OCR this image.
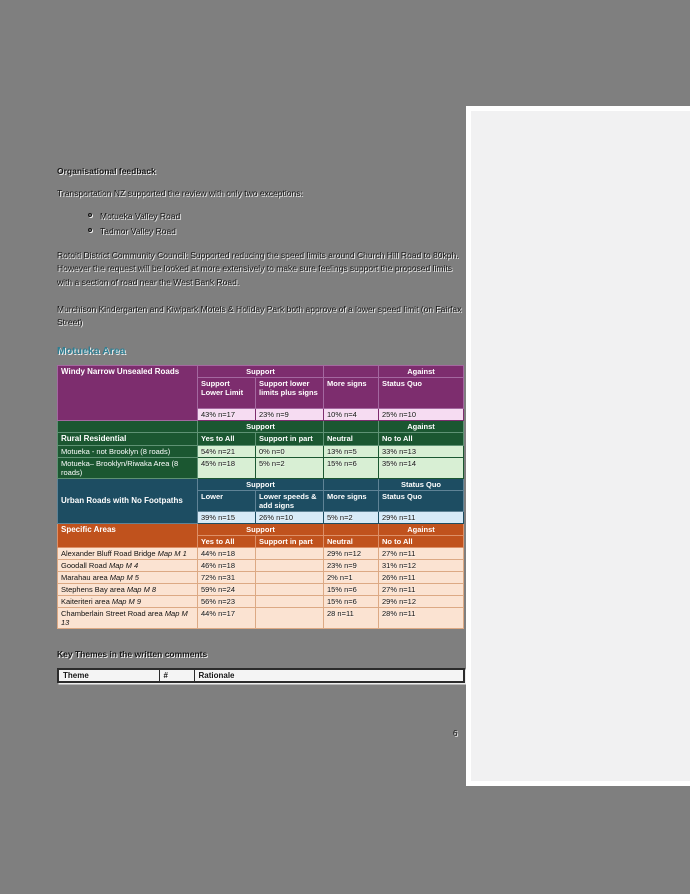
Organisational feedback
Transportation NZ supported the review with only two exceptions:
Motueka Valley Road
Tadmor Valley Road
Rotoiti District Community Council: Supported reducing the speed limits around Church Hill Road to 80kph. However the request will be looked at more extensively to make sure feelings support the proposed limits with a section of road near the West Bank Road.
Murchison Kindergarten and Kiwipark Motels & Holiday Park both approve of a lower speed limit (on Fairfax Street)
Motueka Area
Windy Narrow Unsealed Roads	Support			Against
	Support Lower Limit	Support lower limits plus signs	More signs	Status Quo
	43% n=17	23% n=9	10% n=4	25% n=10
	Support			Against
Rural Residential	Yes to All	Support in part	Neutral	No to All
Motueka - not Brooklyn (8 roads)	54% n=21	0% n=0	13% n=5	33% n=13
Motueka– Brooklyn/Riwaka Area (8 roads)	45% n=18	5% n=2	15% n=6	35% n=14
Urban Roads with No Footpaths	Support			Status Quo
	Lower	Lower speeds & add signs	More signs	Status Quo
	39% n=15	26% n=10	5% n=2	29% n=11
Specific Areas	Support			Against
	Yes to All	Support in part	Neutral	No to All
Alexander Bluff Road Bridge Map M 1	44% n=18		29% n=12	27% n=11
Goodall Road Map M 4	46% n=18		23% n=9	31% n=12
Marahau area Map M 5	72% n=31		2% n=1	26% n=11
Stephens Bay area Map M 8	59% n=24		15% n=6	27% n=11
Kaiteriteri area Map M 9	56% n=23		15% n=6	29% n=12
Chamberlain Street Road area Map M 13	44% n=17		28 n=11	28% n=11
Key Themes in the written comments
Theme	#	Rationale
6
